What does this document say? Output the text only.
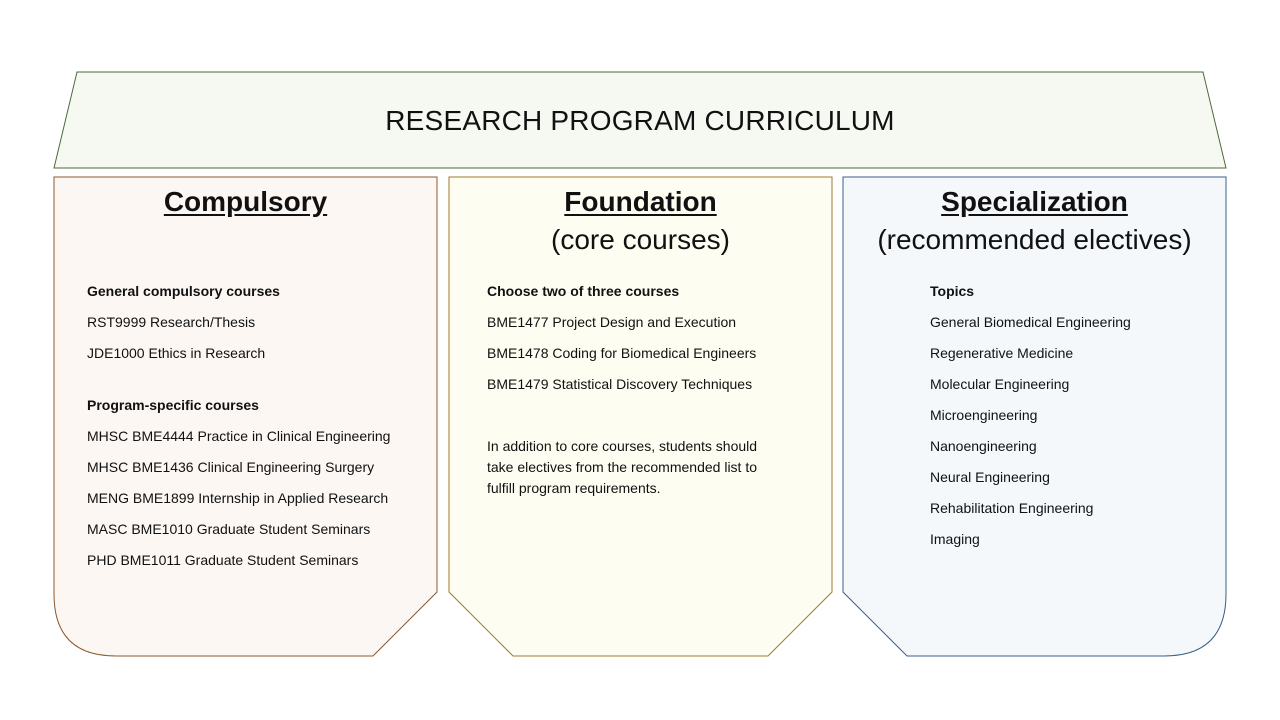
RESEARCH PROGRAM CURRICULUM
Compulsory
General compulsory courses
RST9999 Research/Thesis
JDE1000 Ethics in Research
Program-specific courses
MHSC BME4444 Practice in Clinical Engineering
MHSC BME1436 Clinical Engineering Surgery
MENG BME1899 Internship in Applied Research
MASC BME1010 Graduate Student Seminars
PHD BME1011 Graduate Student Seminars
Foundation
(core courses)
Choose two of three courses
BME1477 Project Design and Execution
BME1478 Coding for Biomedical Engineers
BME1479 Statistical Discovery Techniques
In addition to core courses, students should take electives from the recommended list to fulfill program requirements.
Specialization
(recommended electives)
Topics
General Biomedical Engineering
Regenerative Medicine
Molecular Engineering
Microengineering
Nanoengineering
Neural Engineering
Rehabilitation Engineering
Imaging
